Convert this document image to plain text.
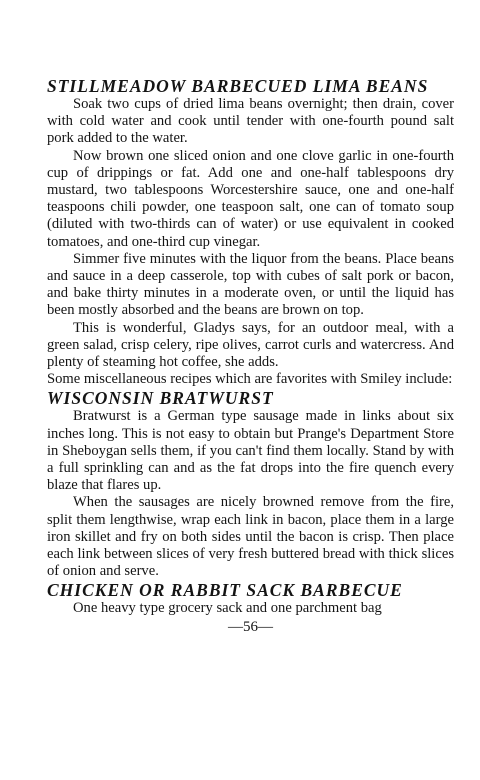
STILLMEADOW BARBECUED LIMA BEANS

Soak two cups of dried lima beans overnight; then drain, cover with cold water and cook until tender with one-fourth pound salt pork added to the water.

Now brown one sliced onion and one clove garlic in one-fourth cup of drippings or fat. Add one and one-half tablespoons dry mustard, two tablespoons Worcestershire sauce, one and one-half teaspoons chili powder, one teaspoon salt, one can of tomato soup (diluted with two-thirds can of water) or use equivalent in cooked tomatoes, and one-third cup vinegar.

Simmer five minutes with the liquor from the beans. Place beans and sauce in a deep casserole, top with cubes of salt pork or bacon, and bake thirty minutes in a moderate oven, or until the liquid has been mostly absorbed and the beans are brown on top.

This is wonderful, Gladys says, for an outdoor meal, with a green salad, crisp celery, ripe olives, carrot curls and watercress. And plenty of steaming hot coffee, she adds.

Some miscellaneous recipes which are favorites with Smiley include:

WISCONSIN BRATWURST

Bratwurst is a German type sausage made in links about six inches long. This is not easy to obtain but Prange's Department Store in Sheboygan sells them, if you can't find them locally. Stand by with a full sprinkling can and as the fat drops into the fire quench every blaze that flares up.

When the sausages are nicely browned remove from the fire, split them lengthwise, wrap each link in bacon, place them in a large iron skillet and fry on both sides until the bacon is crisp. Then place each link between slices of very fresh buttered bread with thick slices of onion and serve.

CHICKEN OR RABBIT SACK BARBECUE

One heavy type grocery sack and one parchment bag

—56—
